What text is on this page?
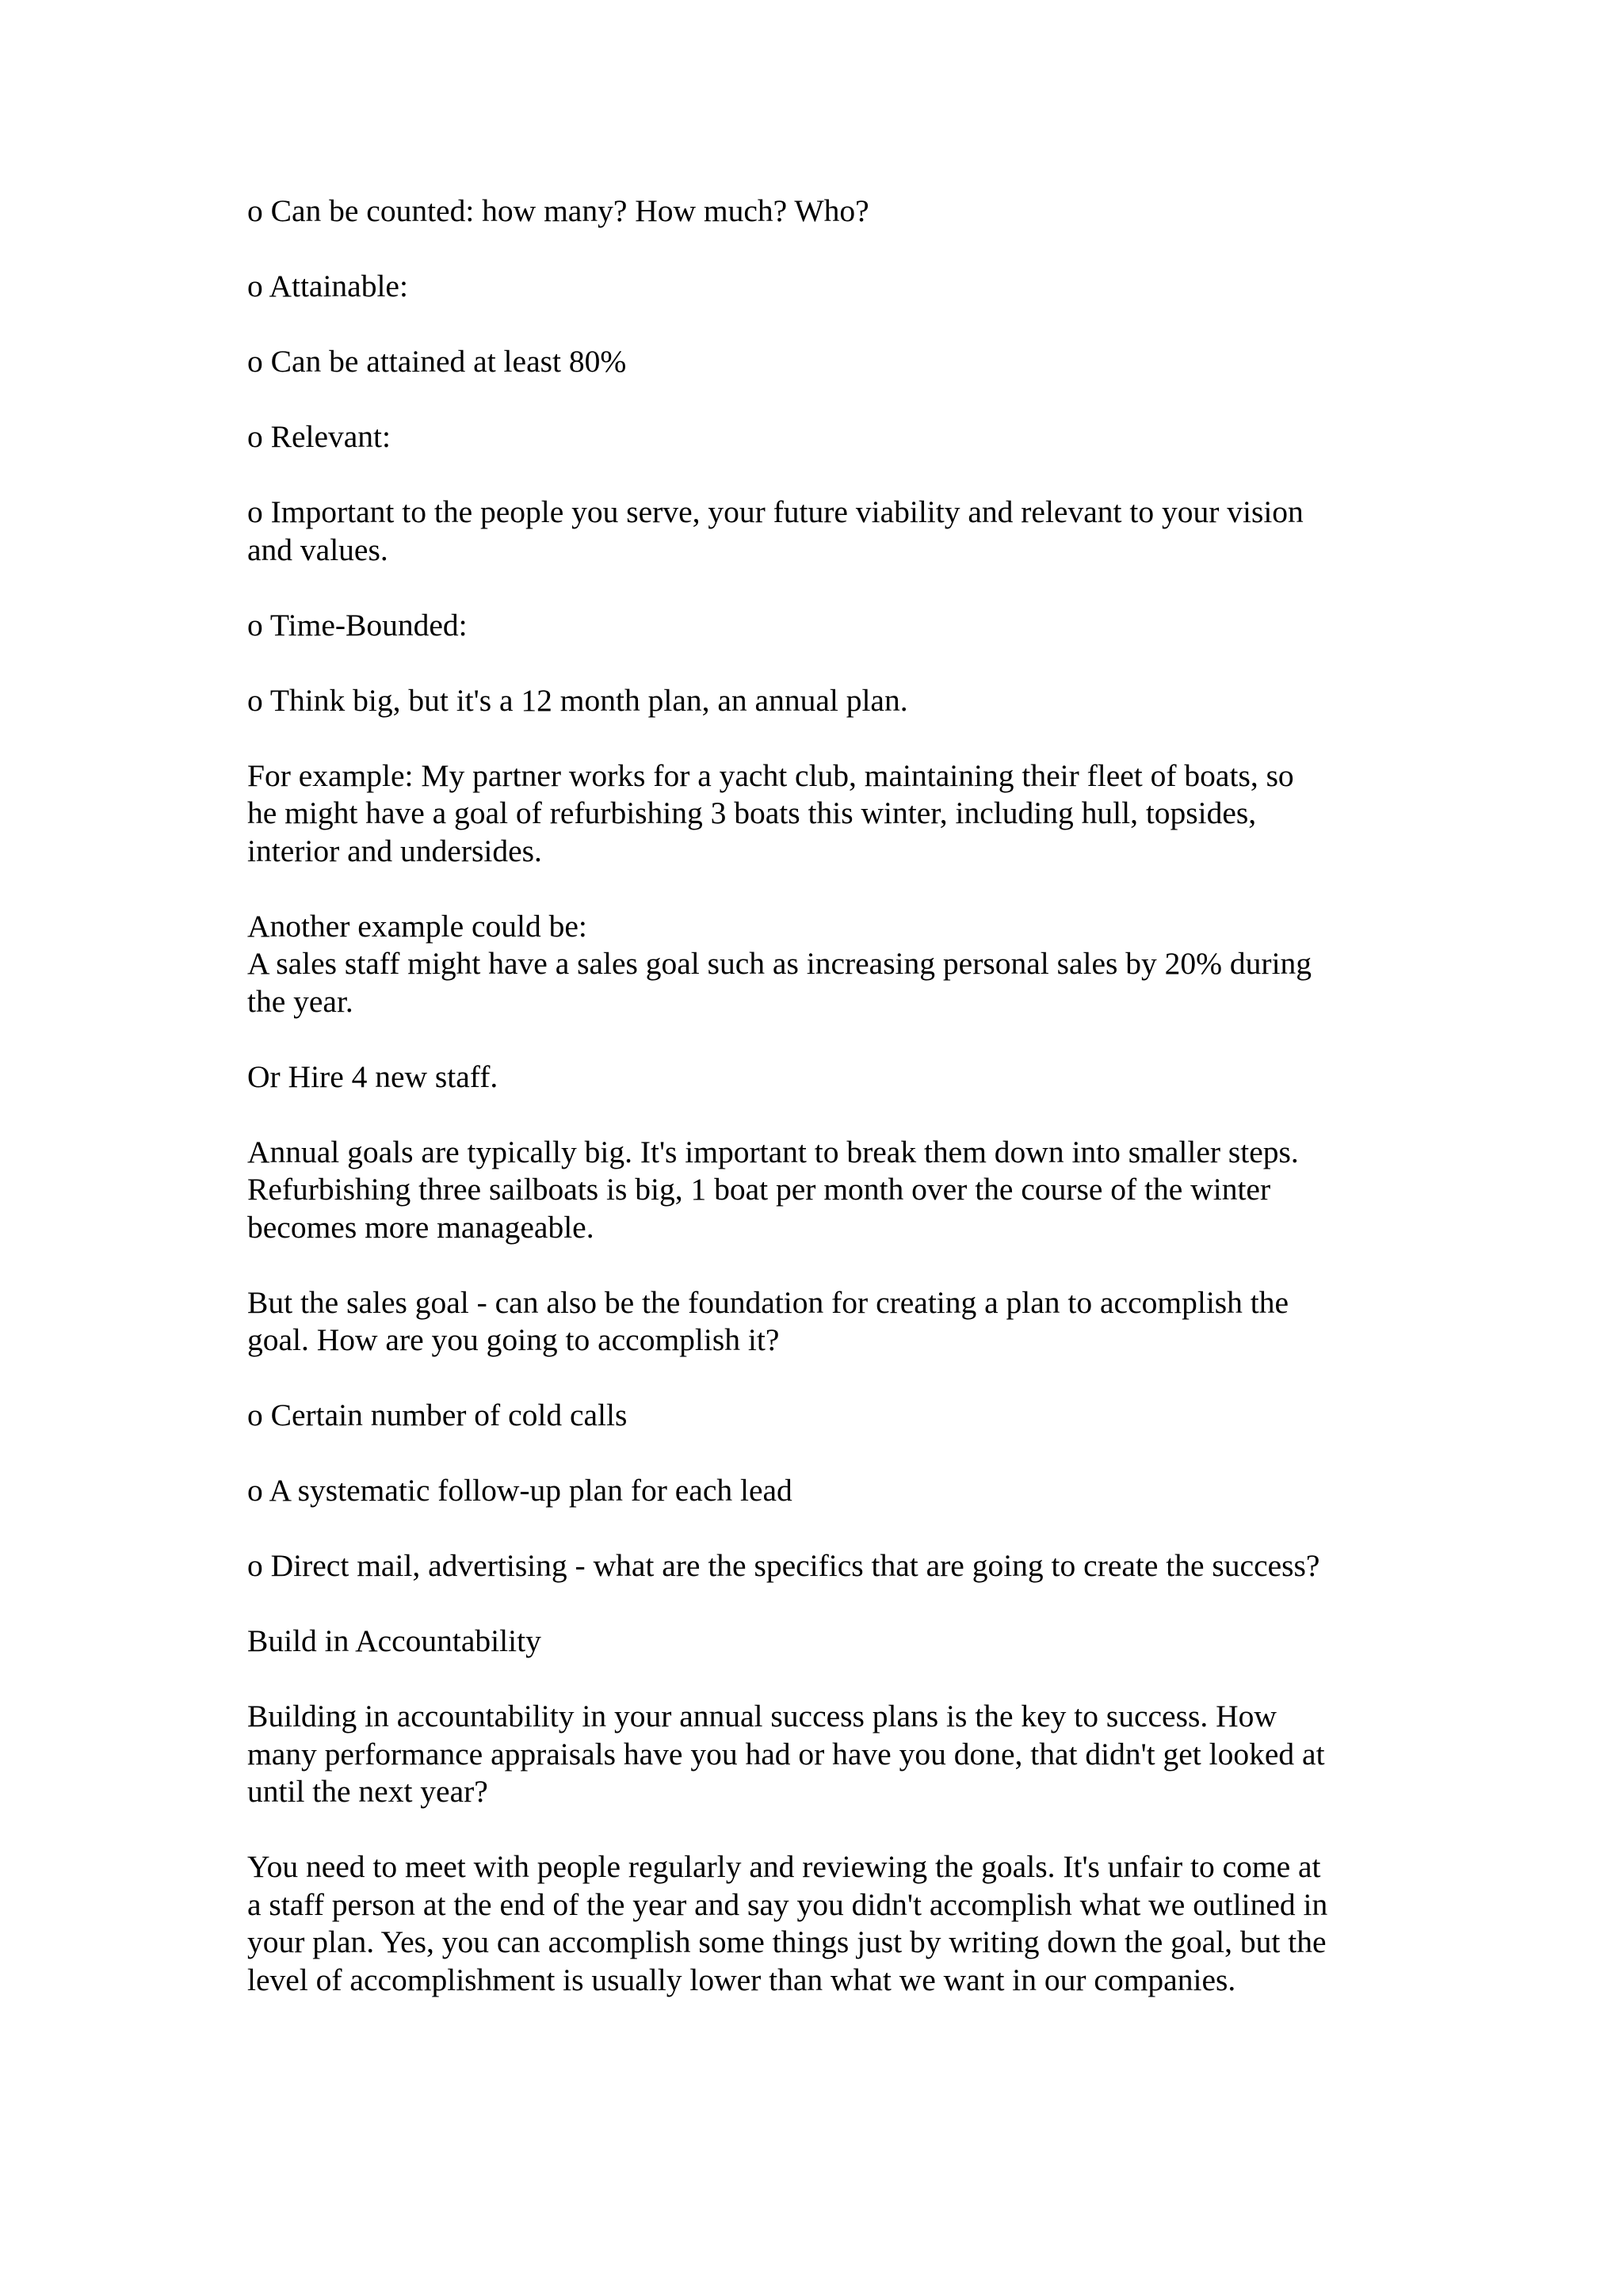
o Can be counted: how many? How much? Who?

o Attainable:

o Can be attained at least 80%

o Relevant:

o Important to the people you serve, your future viability and relevant to your vision
and values.

o Time-Bounded:

o Think big, but it's a 12 month plan, an annual plan.

For example: My partner works for a yacht club, maintaining their fleet of boats, so
he might have a goal of refurbishing 3 boats this winter, including hull, topsides,
interior and undersides.

Another example could be:
A sales staff might have a sales goal such as increasing personal sales by 20% during
the year.

Or Hire 4 new staff.

Annual goals are typically big. It's important to break them down into smaller steps.
Refurbishing three sailboats is big, 1 boat per month over the course of the winter
becomes more manageable.

But the sales goal - can also be the foundation for creating a plan to accomplish the
goal. How are you going to accomplish it?

o Certain number of cold calls

o A systematic follow-up plan for each lead

o Direct mail, advertising - what are the specifics that are going to create the success?

Build in Accountability

Building in accountability in your annual success plans is the key to success. How
many performance appraisals have you had or have you done, that didn't get looked at
until the next year?

You need to meet with people regularly and reviewing the goals. It's unfair to come at
a staff person at the end of the year and say you didn't accomplish what we outlined in
your plan. Yes, you can accomplish some things just by writing down the goal, but the
level of accomplishment is usually lower than what we want in our companies.
